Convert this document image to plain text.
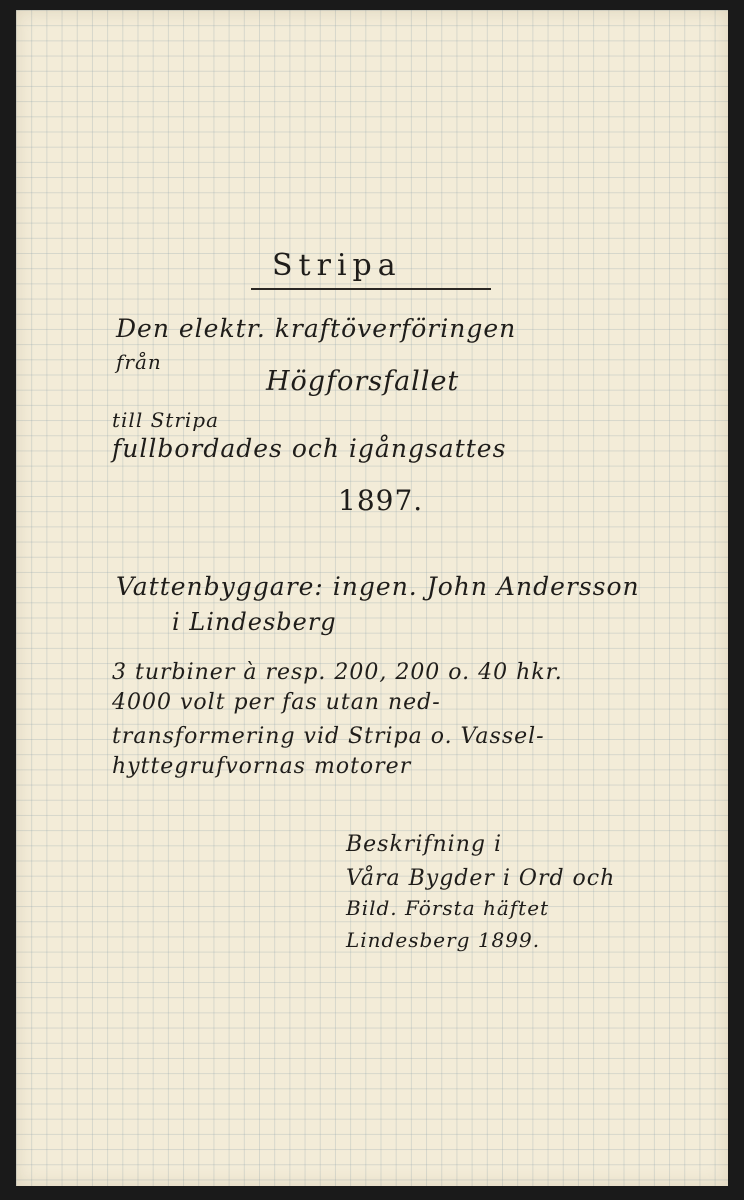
Stripa
Den elektr. kraftöverföringen
från
Högforsfallet
till Stripa
fullbordades och igångsattes
1897.
Vattenbyggare: ingen. John Andersson
i Lindesberg
3 turbiner à resp. 200, 200 o. 40 hkr.
4000 volt per fas utan ned-
transformering vid Stripa o. Vassel-
hyttegrufvornas motorer
Beskrifning i
Våra Bygder i Ord och
Bild. Första häftet
Lindesberg 1899.
